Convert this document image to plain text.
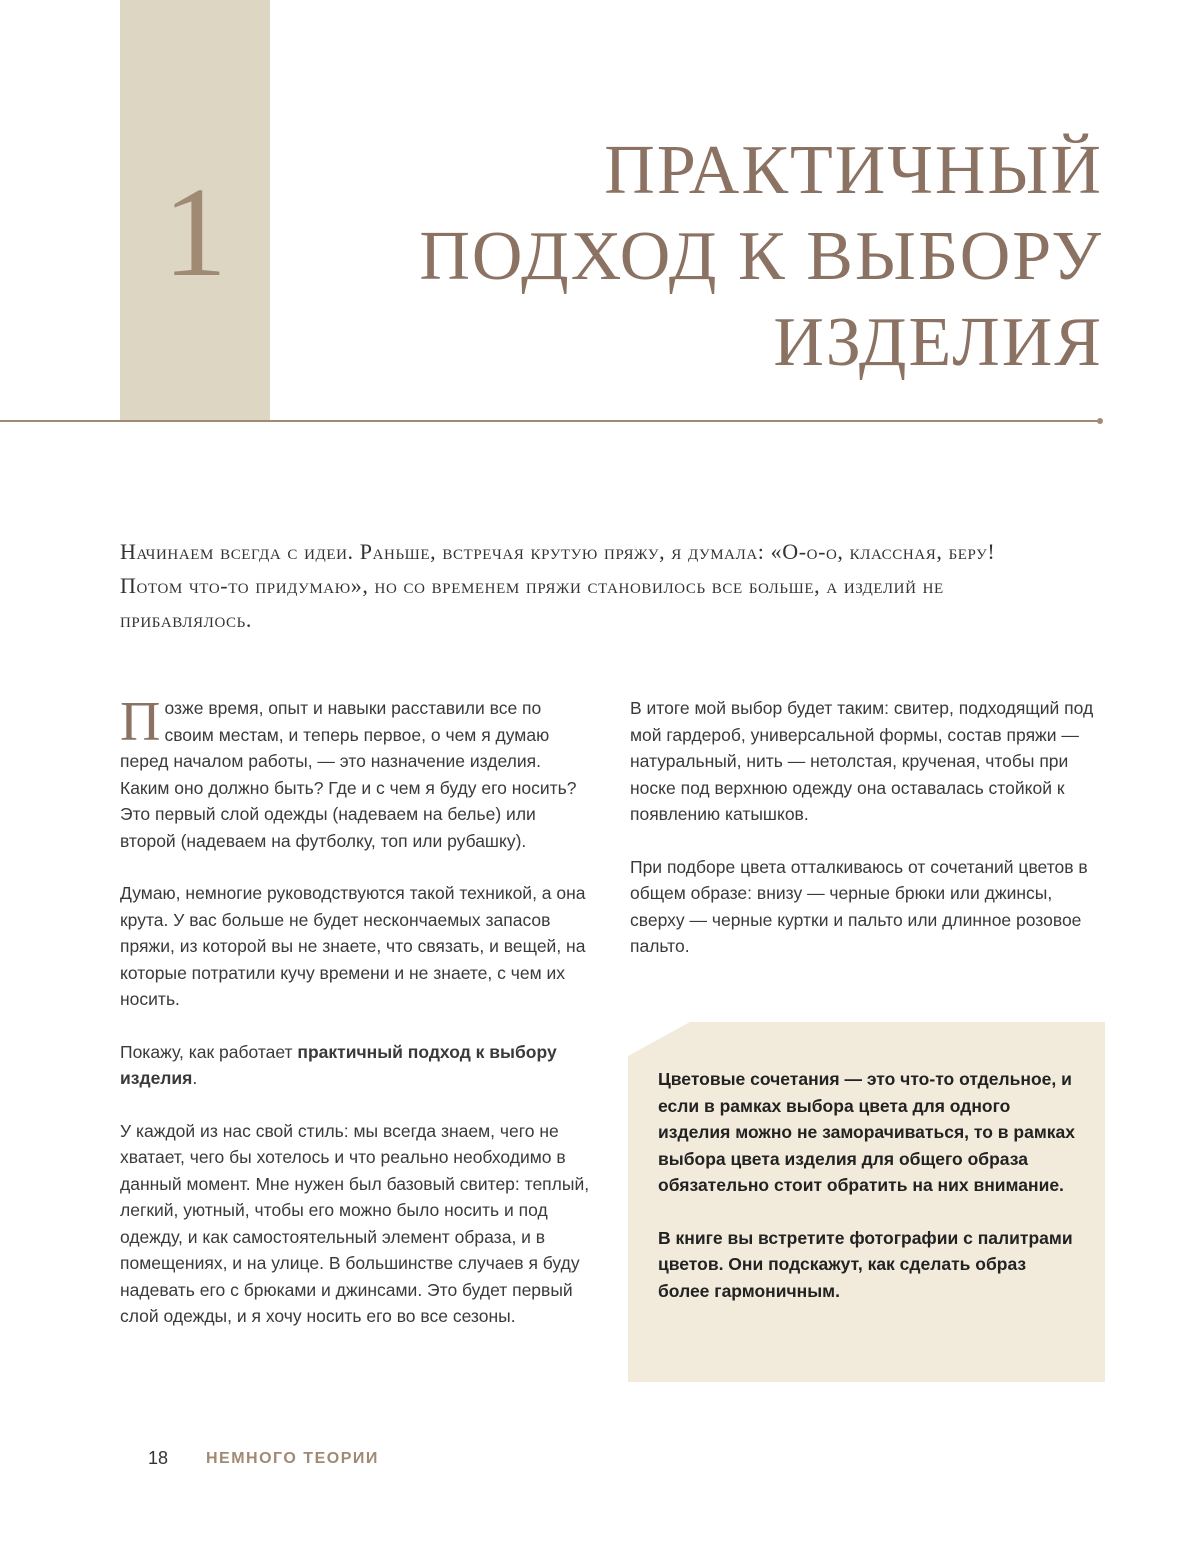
1	ПРАКТИЧНЫЙ
ПОДХОД К ВЫБОРУ
ИЗДЕЛИЯ
Начинаем всегда с идеи. Раньше, встречая крутую пряжу, я думала: «О-о-о, классная, беру! Потом что-то придумаю», но со временем пряжи становилось все больше, а изделий не прибавлялось.

Позже время, опыт и навыки расставили все по своим местам, и теперь первое, о чем я думаю перед началом работы, — это назначение изделия. Каким оно должно быть? Где и с чем я буду его носить? Это первый слой одежды (надеваем на белье) или второй (надеваем на футболку, топ или рубашку).

Думаю, немногие руководствуются такой техникой, а она крута. У вас больше не будет нескончаемых запасов пряжи, из которой вы не знаете, что связать, и вещей, на которые потратили кучу времени и не знаете, с чем их носить.

Покажу, как работает практичный подход к выбору изделия.

У каждой из нас свой стиль: мы всегда знаем, чего не хватает, чего бы хотелось и что реально необходимо в данный момент. Мне нужен был базовый свитер: теплый, легкий, уютный, чтобы его можно было носить и под одежду, и как самостоятельный элемент образа, и в помещениях, и на улице. В большинстве случаев я буду надевать его с брюками и джинсами. Это будет первый слой одежды, и я хочу носить его во все сезоны.

В итоге мой выбор будет таким: свитер, подходящий под мой гардероб, универсальной формы, состав пряжи — натуральный, нить — нетолстая, крученая, чтобы при носке под верхнюю одежду она оставалась стойкой к появлению катышков.

При подборе цвета отталкиваюсь от сочетаний цветов в общем образе: внизу — черные брюки или джинсы, сверху — черные куртки и пальто или длинное розовое пальто.

Цветовые сочетания — это что-то отдельное, и если в рамках выбора цвета для одного изделия можно не заморачиваться, то в рамках выбора цвета изделия для общего образа обязательно стоит обратить на них внимание.

В книге вы встретите фотографии с палитрами цветов. Они подскажут, как сделать образ более гармоничным.

18 НЕМНОГО ТЕОРИИ
